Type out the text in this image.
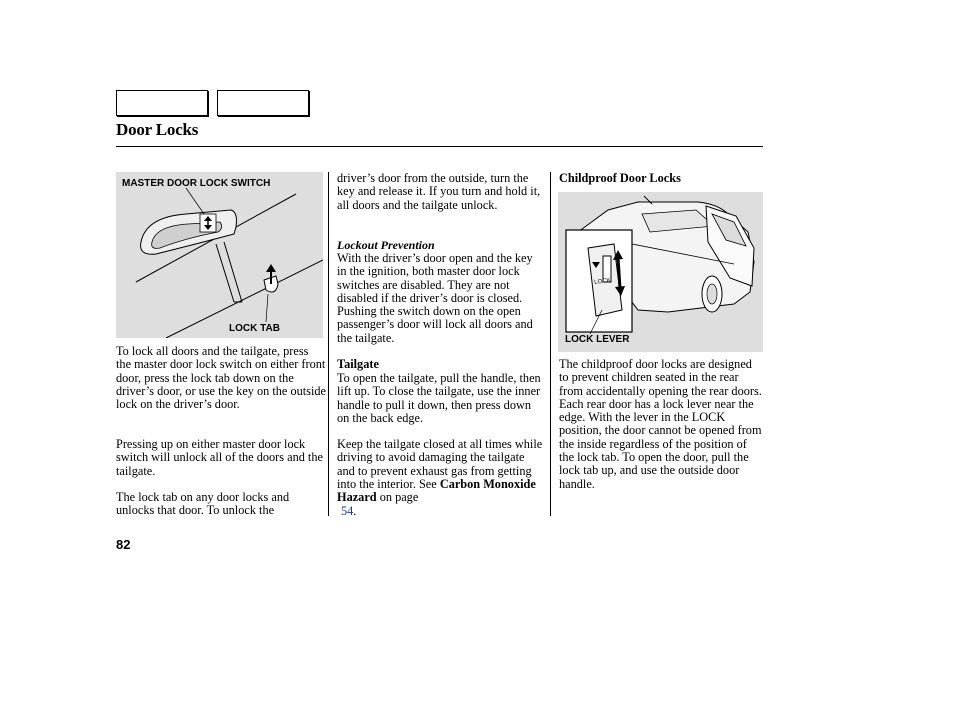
Door Locks
MASTER DOOR LOCK SWITCH
LOCK TAB
LOCK
LOCK LEVER
To lock all doors and the tailgate, press the master door lock switch on either front door, press the lock tab down on the driver’s door, or use the key on the outside lock on the driver’s door.
Pressing up on either master door lock switch will unlock all of the doors and the tailgate.
The lock tab on any door locks and unlocks that door. To unlock the
driver’s door from the outside, turn the key and release it. If you turn and hold it, all doors and the tailgate unlock.
Lockout Prevention
With the driver’s door open and the key in the ignition, both master door lock switches are disabled. They are not disabled if the driver’s door is closed. Pushing the switch down on the open passenger’s door will lock all doors and the tailgate.
Tailgate
To open the tailgate, pull the handle, then lift up. To close the tailgate, use the inner handle to pull it down, then press down on the back edge.
Keep the tailgate closed at all times while driving to avoid damaging the tailgate and to prevent exhaust gas from getting into the interior. See Carbon Monoxide Hazard on page
54.
Childproof Door Locks
The childproof door locks are designed to prevent children seated in the rear from accidentally opening the rear doors. Each rear door has a lock lever near the edge. With the lever in the LOCK position, the door cannot be opened from the inside regardless of the position of the lock tab. To open the door, pull the lock tab up, and use the outside door handle.
82
